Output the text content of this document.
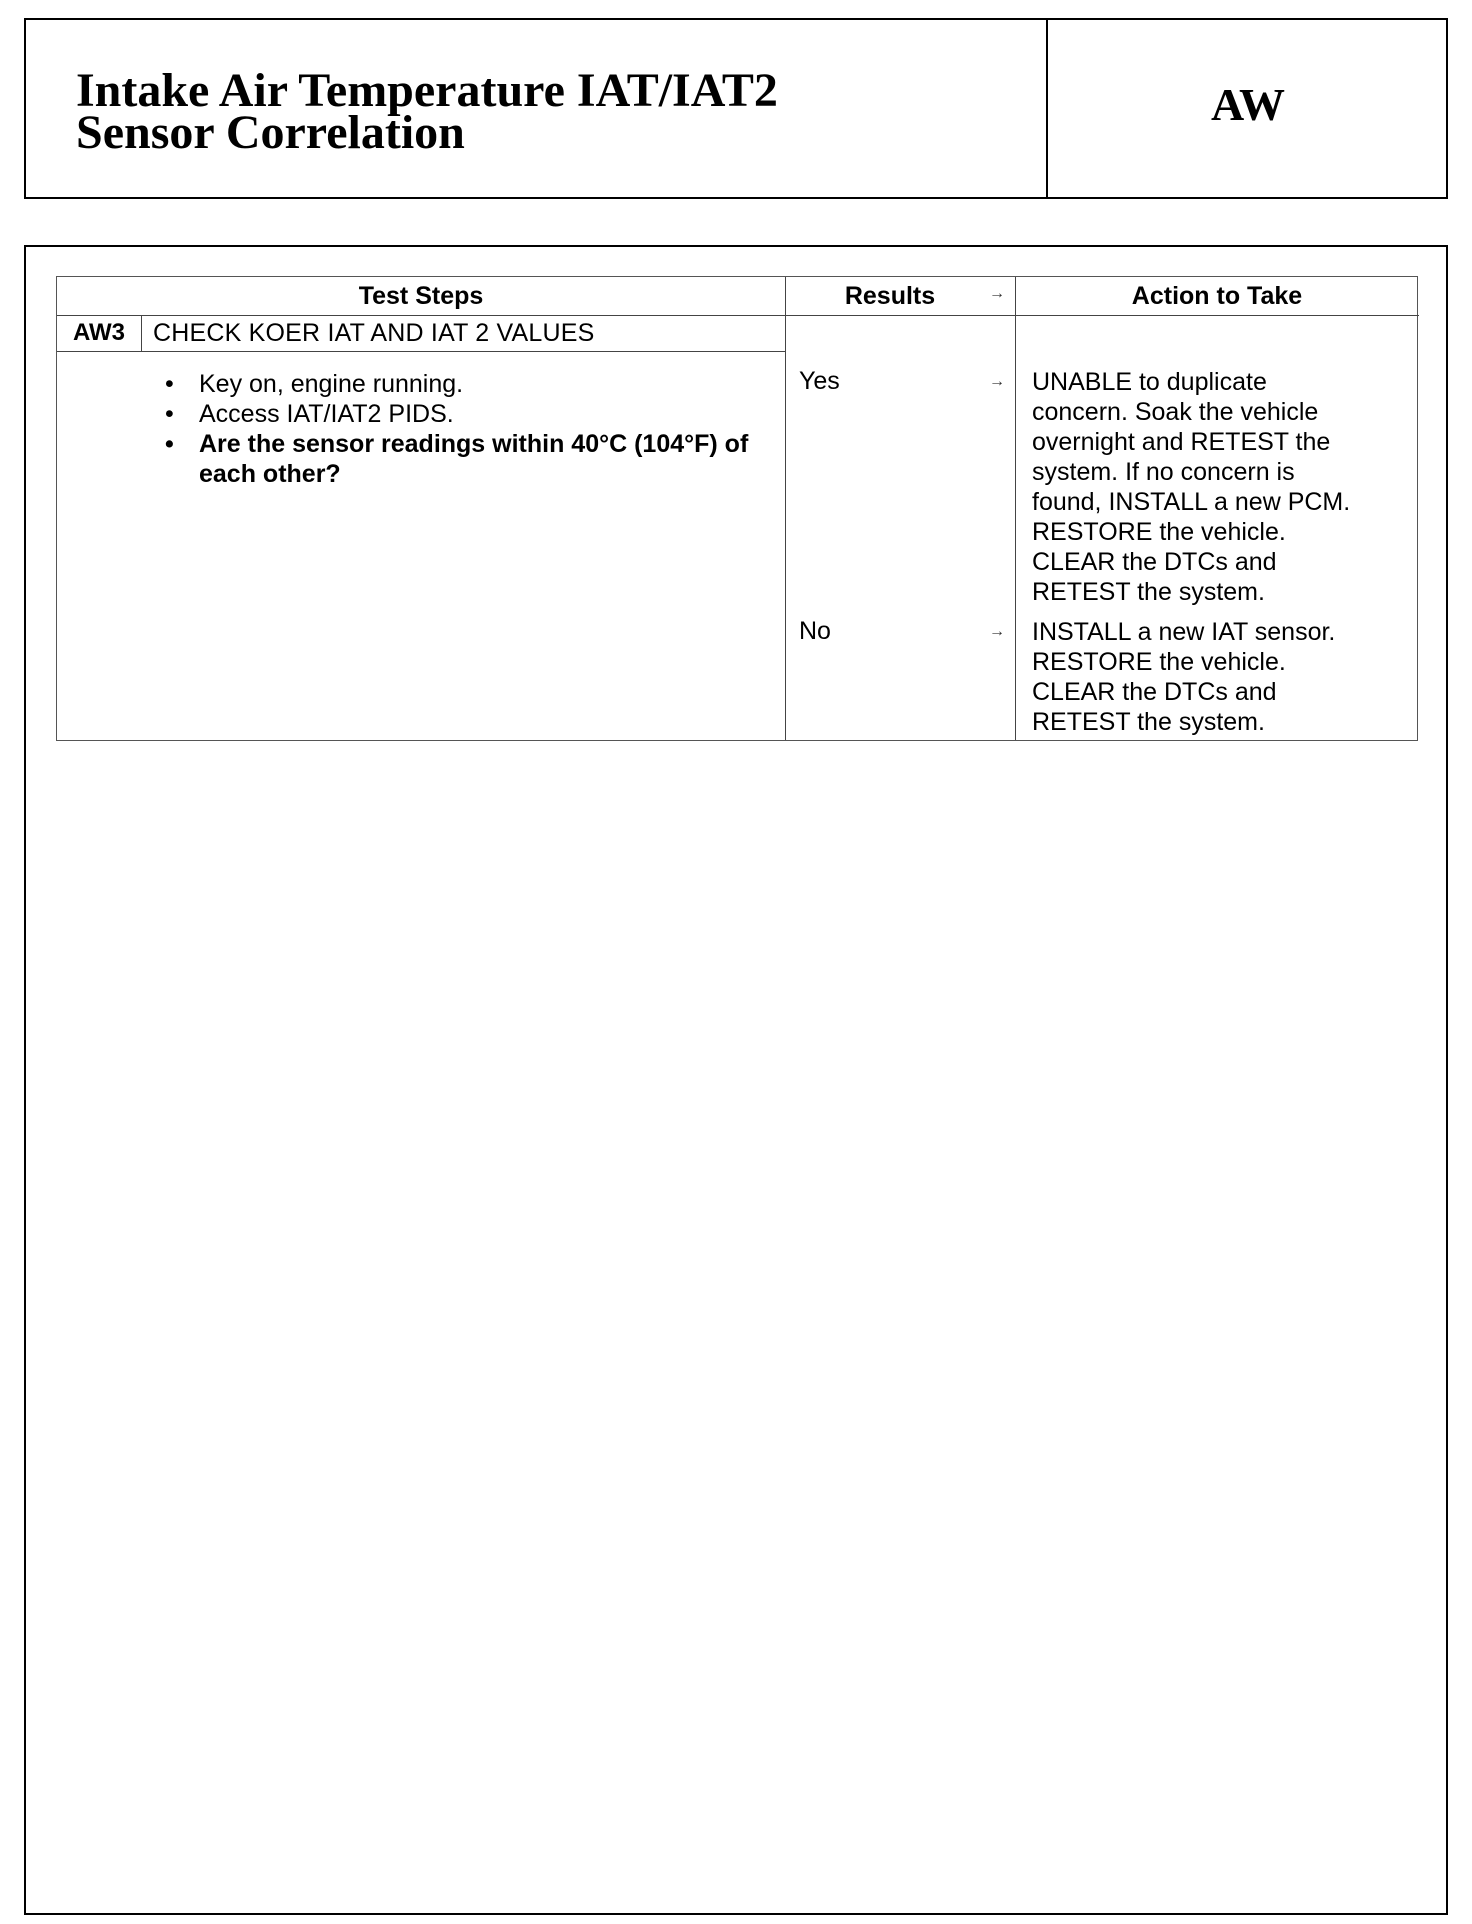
Intake Air Temperature IAT/IAT2
Sensor Correlation
AW
Test Steps	Results	→	Action to Take
AW3	CHECK KOER IAT AND IAT 2 VALUES
• Key on, engine running.
• Access IAT/IAT2 PIDS.
• Are the sensor readings within 40°C (104°F) of each other?
Yes	→ UNABLE to duplicate
concern. Soak the vehicle
overnight and RETEST the
system. If no concern is
found, INSTALL a new PCM.
RESTORE the vehicle.
CLEAR the DTCs and
RETEST the system.
No	→ INSTALL a new IAT sensor.
RESTORE the vehicle.
CLEAR the DTCs and
RETEST the system.
